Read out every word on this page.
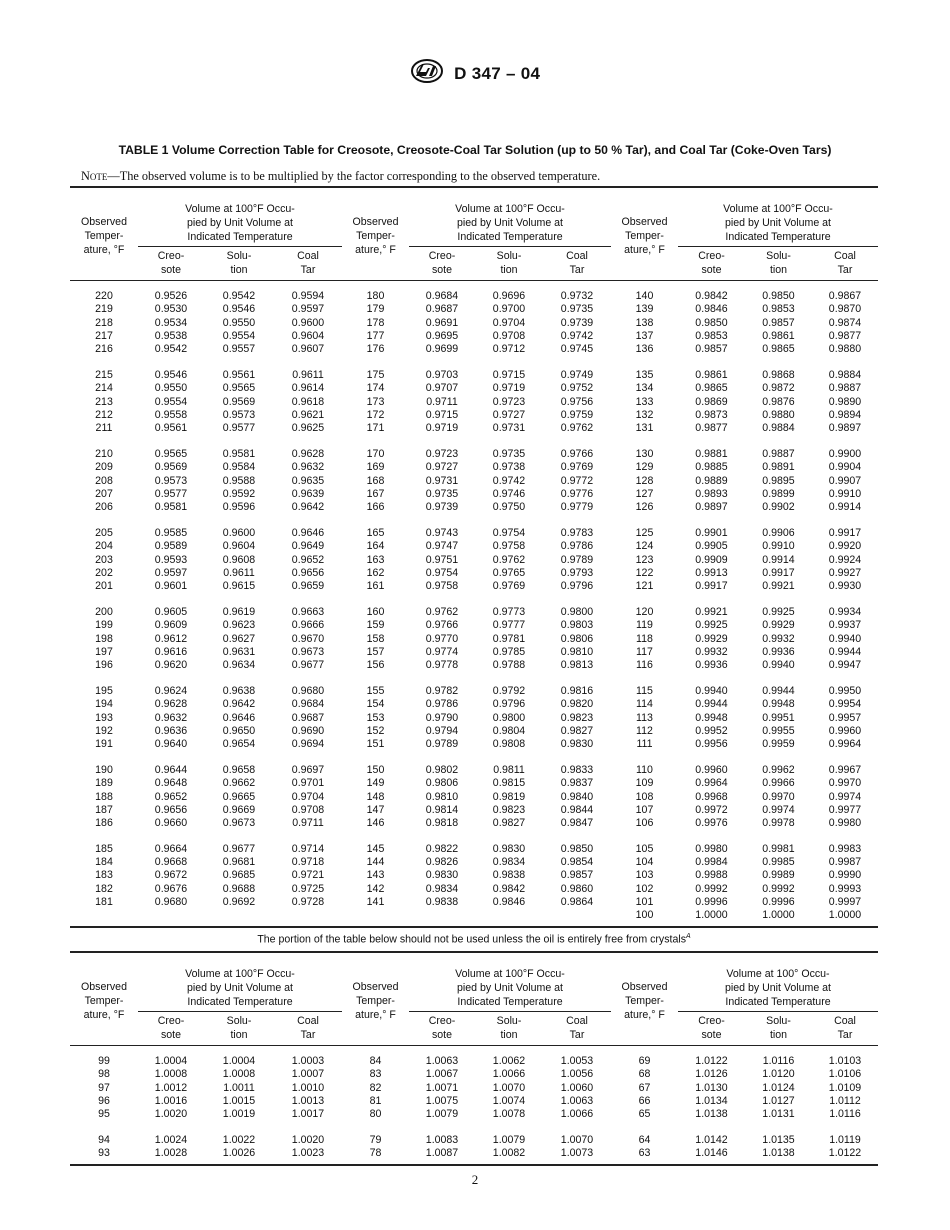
D 347 – 04
TABLE 1 Volume Correction Table for Creosote, Creosote-Coal Tar Solution (up to 50 % Tar), and Coal Tar (Coke-Oven Tars)
Note—The observed volume is to be multiplied by the factor corresponding to the observed temperature.
Observed
Temper-
ature, °F	Volume at 100°F Occu-
pied by Unit Volume at
Indicated Temperature			Observed
Temper-
ature,° F	Volume at 100°F Occu-
pied by Unit Volume at
Indicated Temperature			Observed
Temper-
ature,° F	Volume at 100°F Occu-
pied by Unit Volume at
Indicated Temperature		
	Creo-
sote	Solu-
tion	Coal
Tar		Creo-
sote	Solu-
tion	Coal
Tar		Creo-
sote	Solu-
tion	Coal
Tar

220	0.9526	0.9542	0.9594	180	0.9684	0.9696	0.9732	140	0.9842	0.9850	0.9867
219	0.9530	0.9546	0.9597	179	0.9687	0.9700	0.9735	139	0.9846	0.9853	0.9870
218	0.9534	0.9550	0.9600	178	0.9691	0.9704	0.9739	138	0.9850	0.9857	0.9874
217	0.9538	0.9554	0.9604	177	0.9695	0.9708	0.9742	137	0.9853	0.9861	0.9877
216	0.9542	0.9557	0.9607	176	0.9699	0.9712	0.9745	136	0.9857	0.9865	0.9880

215	0.9546	0.9561	0.9611	175	0.9703	0.9715	0.9749	135	0.9861	0.9868	0.9884
214	0.9550	0.9565	0.9614	174	0.9707	0.9719	0.9752	134	0.9865	0.9872	0.9887
213	0.9554	0.9569	0.9618	173	0.9711	0.9723	0.9756	133	0.9869	0.9876	0.9890
212	0.9558	0.9573	0.9621	172	0.9715	0.9727	0.9759	132	0.9873	0.9880	0.9894
211	0.9561	0.9577	0.9625	171	0.9719	0.9731	0.9762	131	0.9877	0.9884	0.9897

210	0.9565	0.9581	0.9628	170	0.9723	0.9735	0.9766	130	0.9881	0.9887	0.9900
209	0.9569	0.9584	0.9632	169	0.9727	0.9738	0.9769	129	0.9885	0.9891	0.9904
208	0.9573	0.9588	0.9635	168	0.9731	0.9742	0.9772	128	0.9889	0.9895	0.9907
207	0.9577	0.9592	0.9639	167	0.9735	0.9746	0.9776	127	0.9893	0.9899	0.9910
206	0.9581	0.9596	0.9642	166	0.9739	0.9750	0.9779	126	0.9897	0.9902	0.9914

205	0.9585	0.9600	0.9646	165	0.9743	0.9754	0.9783	125	0.9901	0.9906	0.9917
204	0.9589	0.9604	0.9649	164	0.9747	0.9758	0.9786	124	0.9905	0.9910	0.9920
203	0.9593	0.9608	0.9652	163	0.9751	0.9762	0.9789	123	0.9909	0.9914	0.9924
202	0.9597	0.9611	0.9656	162	0.9754	0.9765	0.9793	122	0.9913	0.9917	0.9927
201	0.9601	0.9615	0.9659	161	0.9758	0.9769	0.9796	121	0.9917	0.9921	0.9930

200	0.9605	0.9619	0.9663	160	0.9762	0.9773	0.9800	120	0.9921	0.9925	0.9934
199	0.9609	0.9623	0.9666	159	0.9766	0.9777	0.9803	119	0.9925	0.9929	0.9937
198	0.9612	0.9627	0.9670	158	0.9770	0.9781	0.9806	118	0.9929	0.9932	0.9940
197	0.9616	0.9631	0.9673	157	0.9774	0.9785	0.9810	117	0.9932	0.9936	0.9944
196	0.9620	0.9634	0.9677	156	0.9778	0.9788	0.9813	116	0.9936	0.9940	0.9947

195	0.9624	0.9638	0.9680	155	0.9782	0.9792	0.9816	115	0.9940	0.9944	0.9950
194	0.9628	0.9642	0.9684	154	0.9786	0.9796	0.9820	114	0.9944	0.9948	0.9954
193	0.9632	0.9646	0.9687	153	0.9790	0.9800	0.9823	113	0.9948	0.9951	0.9957
192	0.9636	0.9650	0.9690	152	0.9794	0.9804	0.9827	112	0.9952	0.9955	0.9960
191	0.9640	0.9654	0.9694	151	0.9789	0.9808	0.9830	111	0.9956	0.9959	0.9964

190	0.9644	0.9658	0.9697	150	0.9802	0.9811	0.9833	110	0.9960	0.9962	0.9967
189	0.9648	0.9662	0.9701	149	0.9806	0.9815	0.9837	109	0.9964	0.9966	0.9970
188	0.9652	0.9665	0.9704	148	0.9810	0.9819	0.9840	108	0.9968	0.9970	0.9974
187	0.9656	0.9669	0.9708	147	0.9814	0.9823	0.9844	107	0.9972	0.9974	0.9977
186	0.9660	0.9673	0.9711	146	0.9818	0.9827	0.9847	106	0.9976	0.9978	0.9980

185	0.9664	0.9677	0.9714	145	0.9822	0.9830	0.9850	105	0.9980	0.9981	0.9983
184	0.9668	0.9681	0.9718	144	0.9826	0.9834	0.9854	104	0.9984	0.9985	0.9987
183	0.9672	0.9685	0.9721	143	0.9830	0.9838	0.9857	103	0.9988	0.9989	0.9990
182	0.9676	0.9688	0.9725	142	0.9834	0.9842	0.9860	102	0.9992	0.9992	0.9993
181	0.9680	0.9692	0.9728	141	0.9838	0.9846	0.9864	101	0.9996	0.9996	0.9997
								100	1.0000	1.0000	1.0000
The portion of the table below should not be used unless the oil is entirely free from crystals$^A$
Observed
Temper-
ature, °F	Volume at 100°F Occu-
pied by Unit Volume at
Indicated Temperature			Observed
Temper-
ature,° F	Volume at 100°F Occu-
pied by Unit Volume at
Indicated Temperature			Observed
Temper-
ature,° F	Volume at 100° Occu-
pied by Unit Volume at
Indicated Temperature		
	Creo-
sote	Solu-
tion	Coal
Tar		Creo-
sote	Solu-
tion	Coal
Tar		Creo-
sote	Solu-
tion	Coal
Tar

99	1.0004	1.0004	1.0003	84	1.0063	1.0062	1.0053	69	1.0122	1.0116	1.0103
98	1.0008	1.0008	1.0007	83	1.0067	1.0066	1.0056	68	1.0126	1.0120	1.0106
97	1.0012	1.0011	1.0010	82	1.0071	1.0070	1.0060	67	1.0130	1.0124	1.0109
96	1.0016	1.0015	1.0013	81	1.0075	1.0074	1.0063	66	1.0134	1.0127	1.0112
95	1.0020	1.0019	1.0017	80	1.0079	1.0078	1.0066	65	1.0138	1.0131	1.0116

94	1.0024	1.0022	1.0020	79	1.0083	1.0079	1.0070	64	1.0142	1.0135	1.0119
93	1.0028	1.0026	1.0023	78	1.0087	1.0082	1.0073	63	1.0146	1.0138	1.0122
2
